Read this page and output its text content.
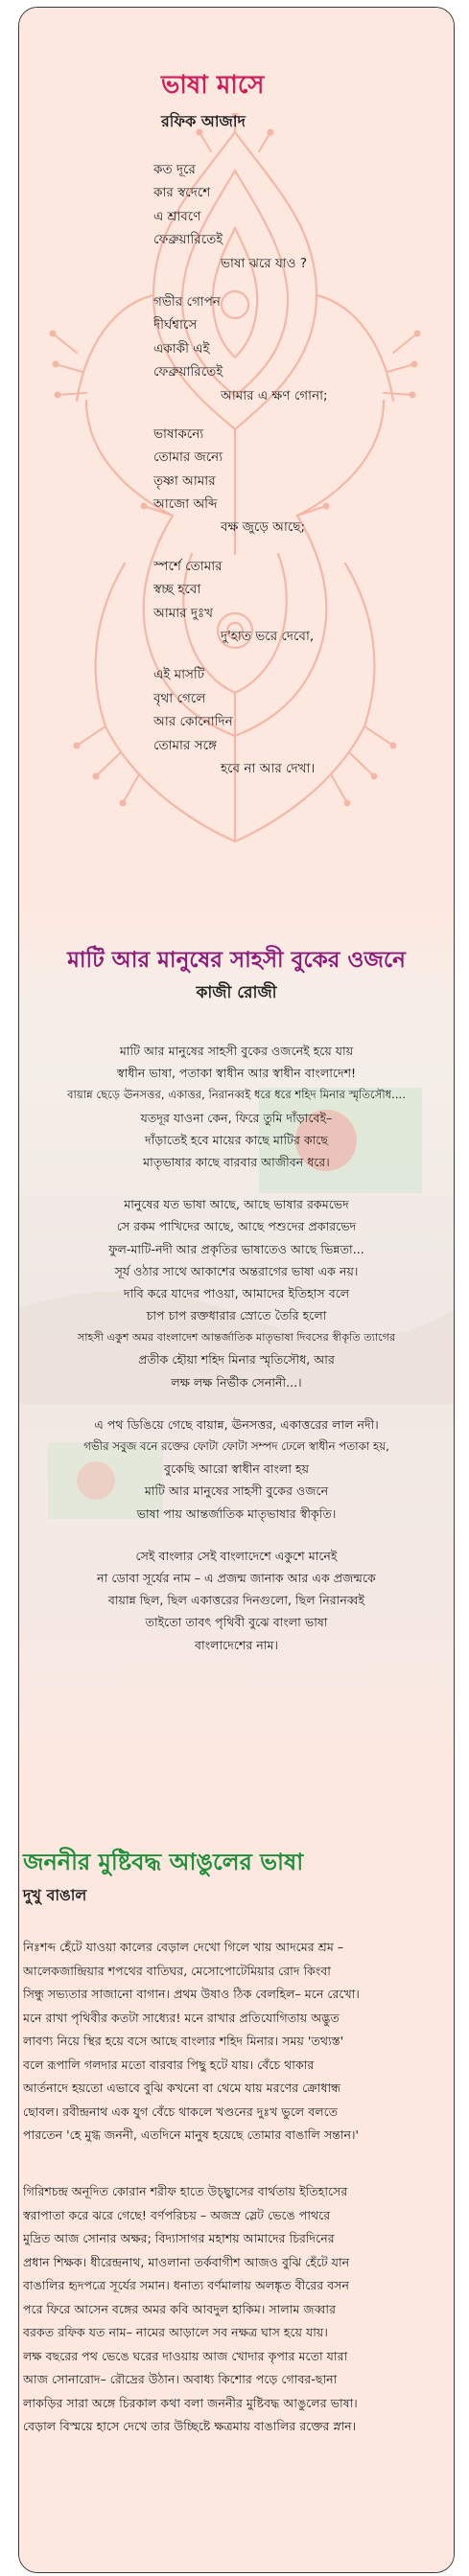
ভাষা মাসে
রফিক আজাদ
কত দূরে
কার স্বদেশে
এ শ্রাবণে
ফেব্রুয়ারিতেই
ভাষা ঝরে যাও ?
গভীর গোপন
দীর্ঘশ্বাসে
একাকী এই
ফেব্রুয়ারিতেই
আমার এ ক্ষণ গোনা;
ভাষাকন্যে
তোমার জন্যে
তৃষ্ণা আমার
আজো অব্দি
বক্ষ জুড়ে আছে;
স্পর্শে তোমার
স্বচ্ছ হবো
আমার দুঃখ
দু'হাত ভরে দেবো,
এই মাসটি
বৃথা গেলে
আর কোনোদিন
তোমার সঙ্গে
হবে না আর দেখা।
মাটি আর মানুষের সাহসী বুকের ওজনে
কাজী রোজী
মাটি আর মানুষের সাহসী বুকের ওজনেই হয়ে যায়
স্বাধীন ভাষা, পতাকা স্বাধীন আর স্বাধীন বাংলাদেশ!
বায়ান্ন ছেড়ে ঊনসত্তর, একাত্তর, নিরানব্বই ধরে ধরে শহিদ মিনার স্মৃতিসৌধ....
যতদূর যাওনা কেন, ফিরে তুমি দাঁড়াবেই–
দাঁড়াতেই হবে মায়ের কাছে মাটির কাছে
মাতৃভাষার কাছে বারবার আজীবন ধরে।
মানুষের যত ভাষা আছে, আছে ভাষার রকমভেদ
সে রকম পাখিদের আছে, আছে পশুদের প্রকারভেদ
ফুল-মাটি-নদী আর প্রকৃতির ভাষাতেও আছে ভিন্নতা...
সূর্য ওঠার সাথে আকাশের অন্তরাগের ভাষা এক নয়।
দাবি করে যাদের পাওয়া, আমাদের ইতিহাস বলে
চাপ চাপ রক্তধারার স্রোতে তৈরি হলো
সাহসী একুশ অমর বাংলাদেশ আন্তর্জাতিক মাতৃভাষা দিবসের স্বীকৃতি ত্যাগের
প্রতীক হৌয়া শহিদ মিনার স্মৃতিসৌধ, আর
লক্ষ লক্ষ নির্ভীক সেনানী...।
এ পথ ডিঙিয়ে গেছে বায়ান্ন, ঊনসত্তর, একাত্তরের লাল নদী।
গভীর সবুজ বনে রক্তের ফোটা ফোটা সম্পদ ঢেলে স্বাধীন পতাকা হয়,
বুকেছি আরো স্বাধীন বাংলা হয়
মাটি আর মানুষের সাহসী বুকের ওজনে
ভাষা পায় আন্তর্জাতিক মাতৃভাষার স্বীকৃতি।
সেই বাংলার সেই বাংলাদেশে একুশে মানেই
না ডোবা সূর্যের নাম – এ প্রজন্ম জানাক আর এক প্রজন্মকে
বায়ান্ন ছিল, ছিল একাত্তরের দিনগুলো, ছিল নিরানব্বই
তাইতো তাবৎ পৃথিবী বুঝে বাংলা ভাষা
বাংলাদেশের নাম।
জননীর মুষ্টিবদ্ধ আঙুলের ভাষা
দুখু বাঙাল
নিঃশব্দ হেঁটে যাওয়া কালের বেড়াল দেখো গিলে খায় আদমের শ্রম –
আলেকজান্দ্রিয়ার শপথের বাতিঘর, মেসোপোটেমিয়ার রোদ কিংবা
সিন্ধু সভ্যতার সাজানো বাগান। প্রথম উষাও ঠিক বেলহিল– মনে রেখো।
মনে রাখা পৃথিবীর কতটা সাধ্যের! মনে রাখার প্রতিযোগিতায় অদ্ভুত
লাবণ্য নিয়ে স্থির হয়ে বসে আছে বাংলার শহিদ মিনার। সময় 'তথ্যস্ত'
বলে রূপালি গলদার মতো বারবার পিছু হটে যায়। বেঁচে থাকার
আর্তনাদে হয়তো এভাবে বুঝি কখনো বা থেমে যায় মরণের ক্রোধান্ধ
ছোবল। রবীন্দ্রনাথ এক যুগ বেঁচে থাকলে খণ্ডনের দুঃখ ভুলে বলতে
পারতেন 'হে মুগ্ধ জননী, এতদিনে মানুষ হয়েছে তোমার বাঙালি সন্তান।'
গিরিশচন্দ্র অনূদিত কোরান শরীফ হাতে উচ্ছ্বাসের বার্থতায় ইতিহাসের
স্বরাপাতা করে ঝরে গেছে! বর্ণপরিচয় – অজস্র স্লেট ভেঙে পাথরে
মুদ্রিত আজ সোনার অক্ষর; বিদ্যাসাগর মহাশয় আমাদের চিরদিনের
প্রধান শিক্ষক। ধীরেন্দ্রনাথ, মাওলানা তর্কবাগীশ আজও বুঝি হেঁটে যান
বাঙালির হৃদপত্রে সূর্যের সমান। ধনাত্য বর্ণমালায় অলঙ্কৃত বীরের বসন
পরে ফিরে আসেন বঙ্গের অমর কবি আবদুল হাকিম। সালাম জব্বার
বরকত রফিক যত নাম– নামের আড়ালে সব নক্ষত্র ঘাস হয়ে যায়।
লক্ষ বছরের পথ ভেঙে ঘরের দাওয়ায় আজ খোদার কৃপার মতো যারা
আজ সোনারোদ– রৌদ্রের উঠান। অবাধ্য কিশোর পড়ে গোবর-ছানা
লাকড়ির সারা অঙ্গে চিরকাল কথা বলা জননীর মুষ্টিবদ্ধ আঙুলের ভাষা।
বেড়াল বিস্ময়ে হাসে দেখে তার উচ্ছিষ্টে ক্ষত্রমায় বাঙালির রক্তের স্নান।
